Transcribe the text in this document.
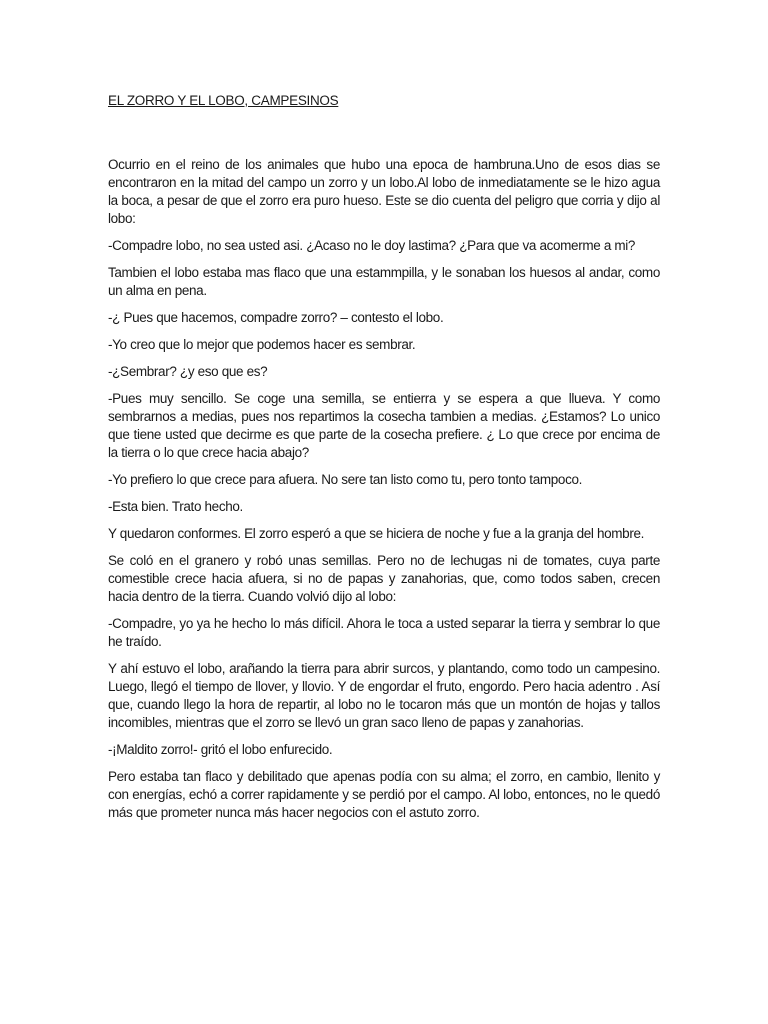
EL ZORRO Y EL LOBO, CAMPESINOS

Ocurrio en el reino de los animales que hubo una epoca de hambruna.Uno de esos dias se encontraron en la mitad del campo un zorro y un lobo.Al lobo de inmediatamente se le hizo agua la boca, a pesar de que el zorro era puro hueso. Este se dio cuenta del peligro que corria y dijo al lobo:

-Compadre lobo, no sea usted asi. ¿Acaso no le doy lastima? ¿Para que va acomerme a mi?

Tambien el lobo estaba mas flaco que una estammpilla, y le sonaban los huesos al andar, como un alma en pena.

-¿ Pues que hacemos, compadre zorro? – contesto el lobo.

-Yo creo que lo mejor que podemos hacer es sembrar.

-¿Sembrar? ¿y eso que es?

-Pues muy sencillo. Se coge una semilla, se entierra y se espera a que llueva. Y como sembrarnos a medias, pues nos repartimos la cosecha tambien a medias. ¿Estamos? Lo unico que tiene usted que decirme es que parte de la cosecha prefiere. ¿ Lo que crece por encima de la tierra o lo que crece hacia abajo?

-Yo prefiero lo que crece para afuera. No sere tan listo como tu, pero tonto tampoco.

-Esta bien. Trato hecho.

Y quedaron conformes. El zorro esperó a que se hiciera de noche y fue a la granja del hombre.

Se coló en el granero y robó unas semillas. Pero no de lechugas ni de tomates, cuya parte comestible crece hacia afuera, si no de papas y zanahorias, que, como todos saben, crecen hacia dentro de la tierra. Cuando volvió dijo al lobo:

-Compadre, yo ya he hecho lo más difícil. Ahora le toca a usted separar la tierra y sembrar lo que he traído.

Y ahí estuvo el lobo, arañando la tierra para abrir surcos, y plantando, como todo un campesino. Luego, llegó el tiempo de llover, y llovio. Y de engordar el fruto, engordo. Pero hacia adentro . Así que, cuando llego la hora de repartir, al lobo no le tocaron más que un montón de hojas y tallos incomibles, mientras que el zorro se llevó un gran saco lleno de papas y zanahorias.

-¡Maldito zorro!- gritó el lobo enfurecido.

Pero estaba tan flaco y debilitado que apenas podía con su alma; el zorro, en cambio, llenito y con energías, echó a correr rapidamente y se perdió por el campo. Al lobo, entonces, no le quedó más que prometer nunca más hacer negocios con el astuto zorro.
